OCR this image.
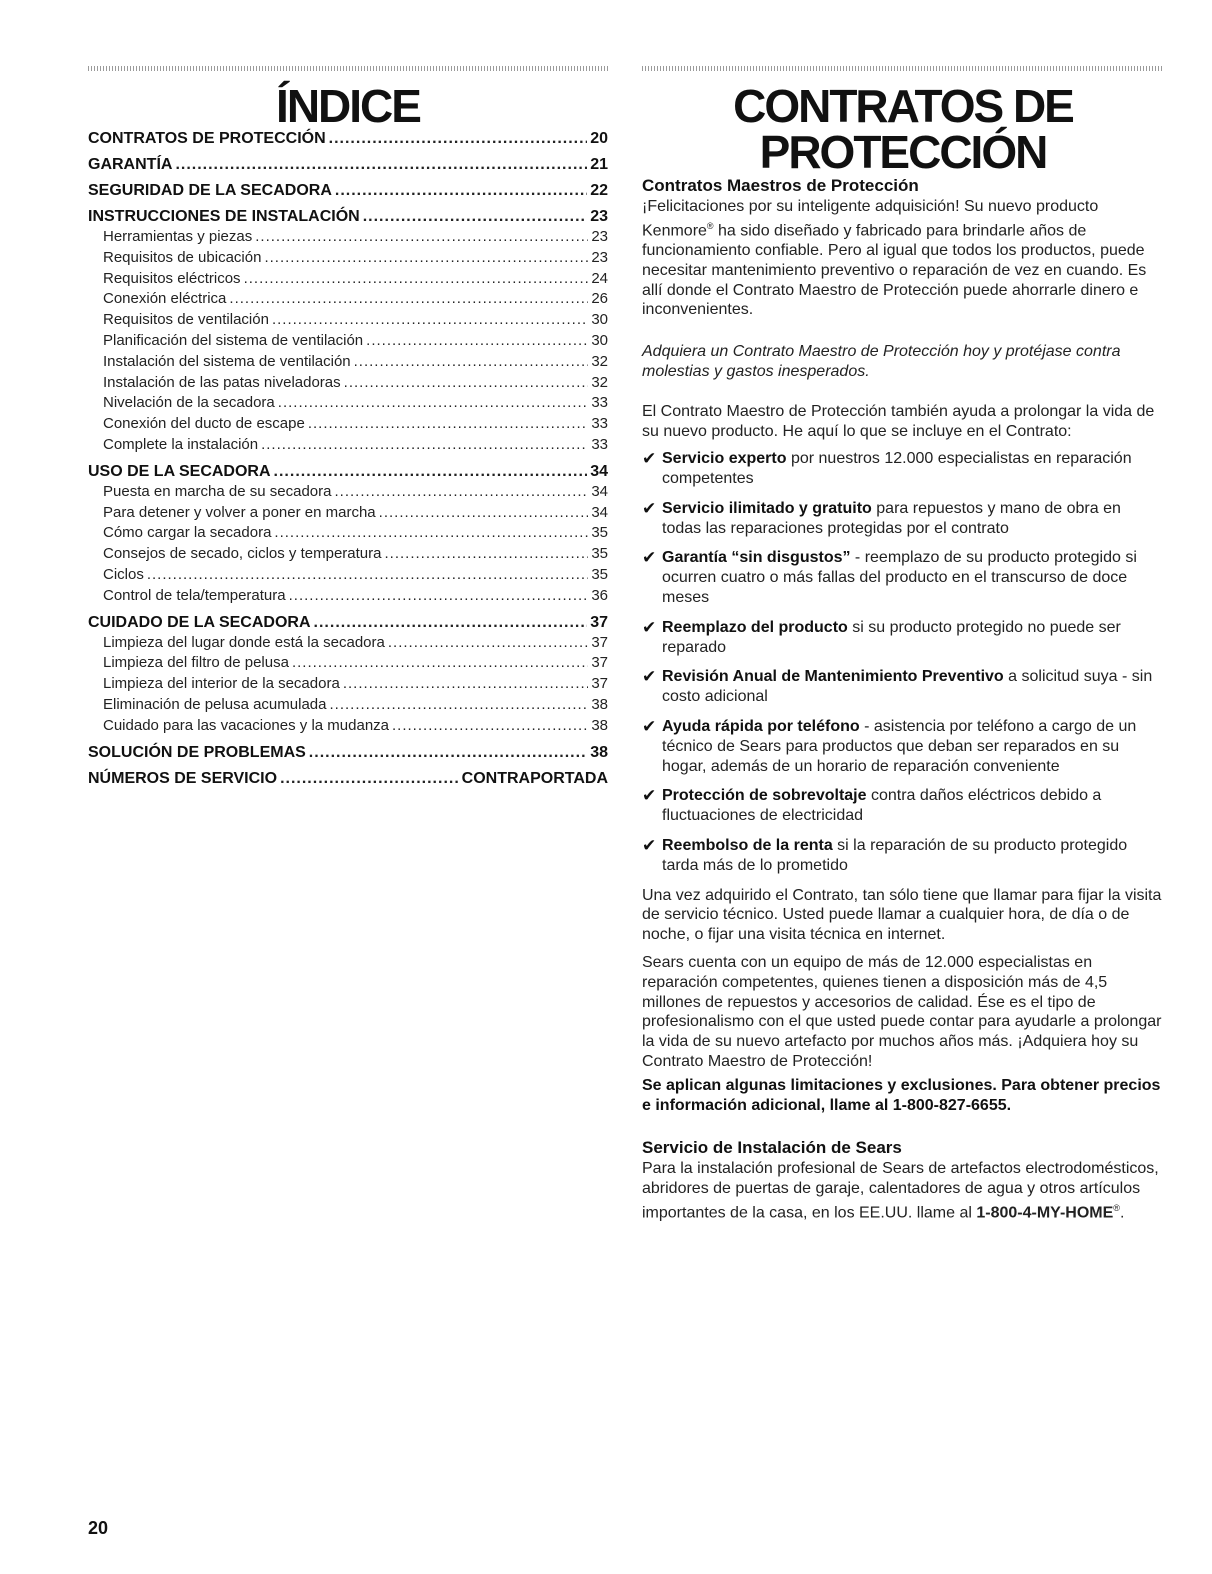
ÍNDICE
CONTRATOS DE PROTECCIÓN .....	20
GARANTÍA .....	21
SEGURIDAD DE LA SECADORA .....	22
INSTRUCCIONES DE INSTALACIÓN .....	23
Herramientas y piezas .....	23
Requisitos de ubicación .....	23
Requisitos eléctricos .....	24
Conexión eléctrica .....	26
Requisitos de ventilación .....	30
Planificación del sistema de ventilación .....	30
Instalación del sistema de ventilación .....	32
Instalación de las patas niveladoras .....	32
Nivelación de la secadora .....	33
Conexión del ducto de escape .....	33
Complete la instalación .....	33
USO DE LA SECADORA .....	34
Puesta en marcha de su secadora .....	34
Para detener y volver a poner en marcha .....	34
Cómo cargar la secadora .....	35
Consejos de secado, ciclos y temperatura .....	35
Ciclos .....	35
Control de tela/temperatura .....	36
CUIDADO DE LA SECADORA .....	37
Limpieza del lugar donde está la secadora .....	37
Limpieza del filtro de pelusa .....	37
Limpieza del interior de la secadora .....	37
Eliminación de pelusa acumulada .....	38
Cuidado para las vacaciones y la mudanza .....	38
SOLUCIÓN DE PROBLEMAS .....	38
NÚMEROS DE SERVICIO .....	CONTRAPORTADA
CONTRATOS DE
PROTECCIÓN
Contratos Maestros de Protección

¡Felicitaciones por su inteligente adquisición! Su nuevo producto Kenmore® ha sido diseñado y fabricado para brindarle años de funcionamiento confiable. Pero al igual que todos los productos, puede necesitar mantenimiento preventivo o reparación de vez en cuando. Es allí donde el Contrato Maestro de Protección puede ahorrarle dinero e inconvenientes.

Adquiera un Contrato Maestro de Protección hoy y protéjase contra molestias y gastos inesperados.

El Contrato Maestro de Protección también ayuda a prolongar la vida de su nuevo producto. He aquí lo que se incluye en el Contrato:

✔ Servicio experto por nuestros 12.000 especialistas en reparación competentes
✔ Servicio ilimitado y gratuito para repuestos y mano de obra en todas las reparaciones protegidas por el contrato
✔ Garantía “sin disgustos” - reemplazo de su producto protegido si ocurren cuatro o más fallas del producto en el transcurso de doce meses
✔ Reemplazo del producto si su producto protegido no puede ser reparado
✔ Revisión Anual de Mantenimiento Preventivo a solicitud suya - sin costo adicional
✔ Ayuda rápida por teléfono - asistencia por teléfono a cargo de un técnico de Sears para productos que deban ser reparados en su hogar, además de un horario de reparación conveniente
✔ Protección de sobrevoltaje contra daños eléctricos debido a fluctuaciones de electricidad
✔ Reembolso de la renta si la reparación de su producto protegido tarda más de lo prometido

Una vez adquirido el Contrato, tan sólo tiene que llamar para fijar la visita de servicio técnico. Usted puede llamar a cualquier hora, de día o de noche, o fijar una visita técnica en internet.

Sears cuenta con un equipo de más de 12.000 especialistas en reparación competentes, quienes tienen a disposición más de 4,5 millones de repuestos y accesorios de calidad. Ése es el tipo de profesionalismo con el que usted puede contar para ayudarle a prolongar la vida de su nuevo artefacto por muchos años más. ¡Adquiera hoy su Contrato Maestro de Protección!

Se aplican algunas limitaciones y exclusiones. Para obtener precios e información adicional, llame al 1-800-827-6655.

Servicio de Instalación de Sears

Para la instalación profesional de Sears de artefactos electrodomésticos, abridores de puertas de garaje, calentadores de agua y otros artículos importantes de la casa, en los EE.UU. llame al 1-800-4-MY-HOME®.

20
